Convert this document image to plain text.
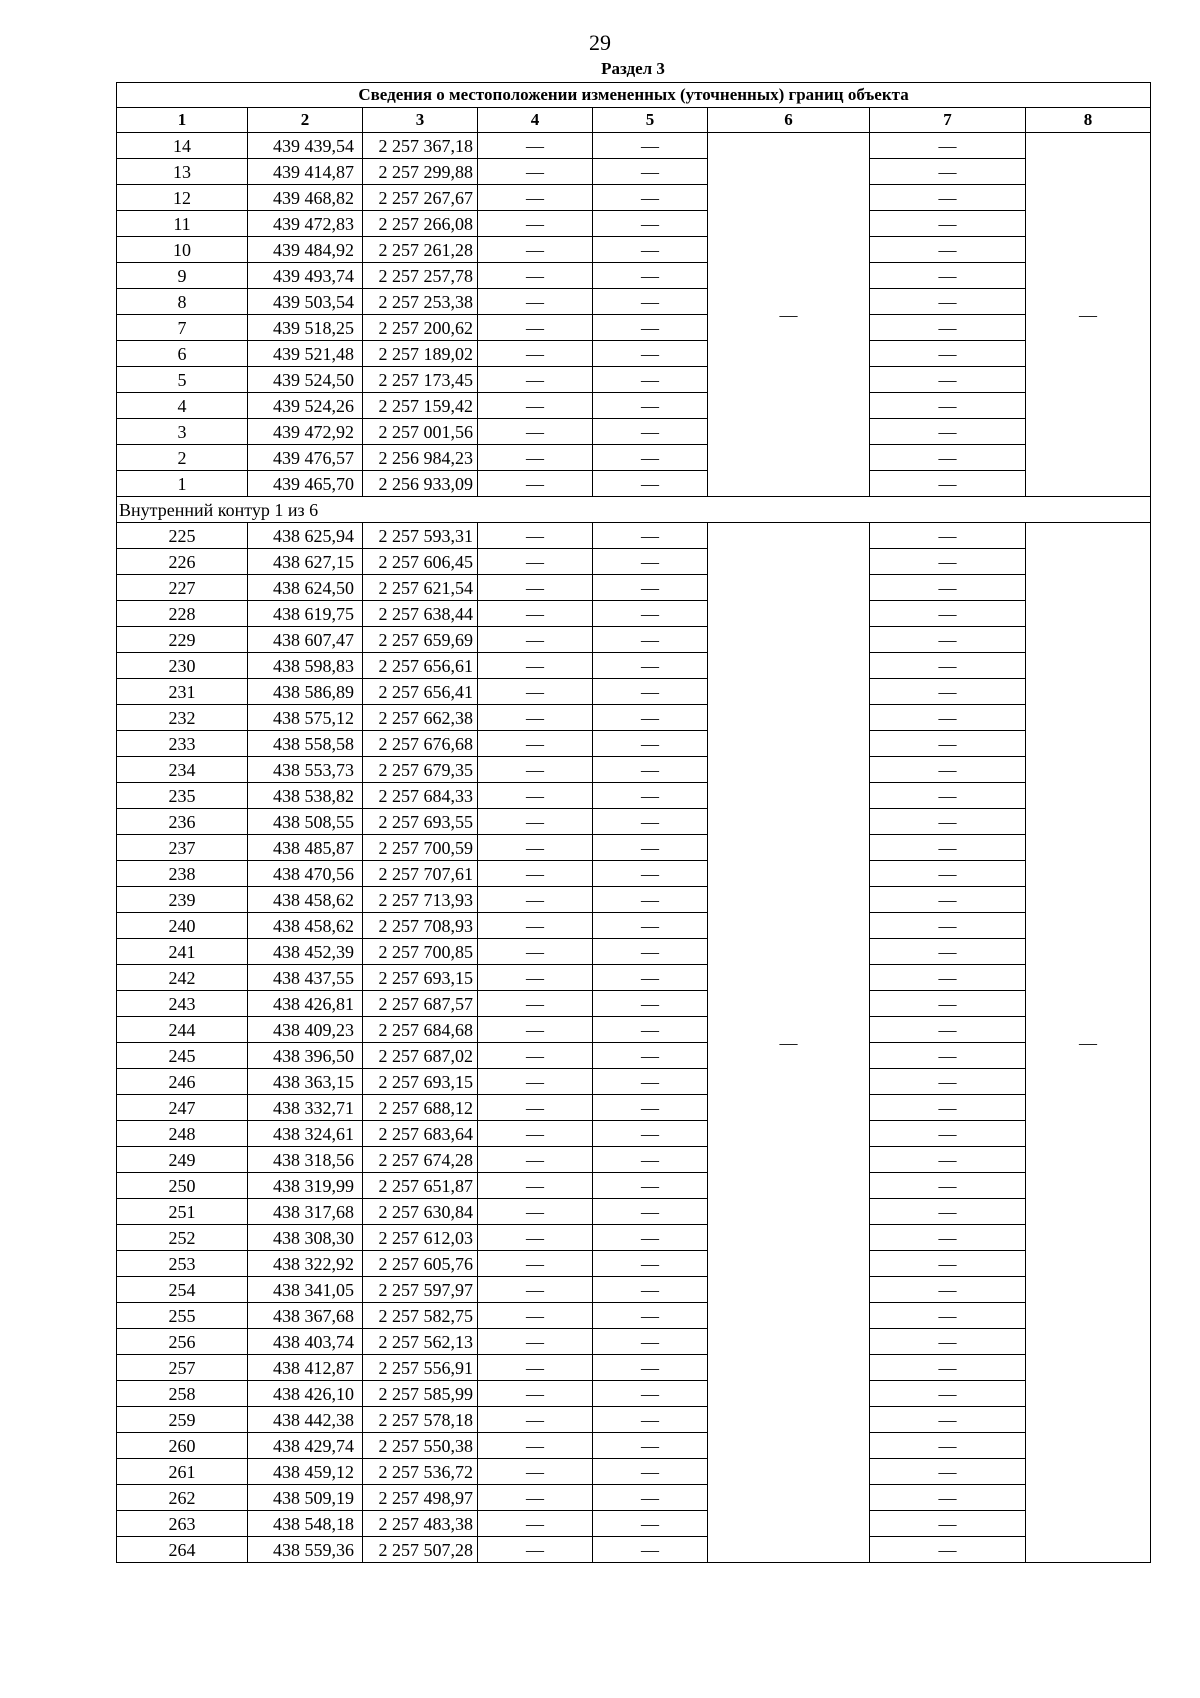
29
Раздел 3
Сведения о местоположении измененных (уточненных) границ объекта							
1	2	3	4	5	6	7	8
14	439 439,54	2 257 367,18	—	—	—	—	—
13	439 414,87	2 257 299,88	—	—		—	
12	439 468,82	2 257 267,67	—	—		—	
11	439 472,83	2 257 266,08	—	—		—	
10	439 484,92	2 257 261,28	—	—		—	
9	439 493,74	2 257 257,78	—	—		—	
8	439 503,54	2 257 253,38	—	—		—	
7	439 518,25	2 257 200,62	—	—		—	
6	439 521,48	2 257 189,02	—	—		—	
5	439 524,50	2 257 173,45	—	—		—	
4	439 524,26	2 257 159,42	—	—		—	
3	439 472,92	2 257 001,56	—	—		—	
2	439 476,57	2 256 984,23	—	—		—	
1	439 465,70	2 256 933,09	—	—		—	
Внутренний контур 1 из 6							
225	438 625,94	2 257 593,31	—	—	—	—	—
226	438 627,15	2 257 606,45	—	—		—	
227	438 624,50	2 257 621,54	—	—		—	
228	438 619,75	2 257 638,44	—	—		—	
229	438 607,47	2 257 659,69	—	—		—	
230	438 598,83	2 257 656,61	—	—		—	
231	438 586,89	2 257 656,41	—	—		—	
232	438 575,12	2 257 662,38	—	—		—	
233	438 558,58	2 257 676,68	—	—		—	
234	438 553,73	2 257 679,35	—	—		—	
235	438 538,82	2 257 684,33	—	—		—	
236	438 508,55	2 257 693,55	—	—		—	
237	438 485,87	2 257 700,59	—	—		—	
238	438 470,56	2 257 707,61	—	—		—	
239	438 458,62	2 257 713,93	—	—		—	
240	438 458,62	2 257 708,93	—	—		—	
241	438 452,39	2 257 700,85	—	—		—	
242	438 437,55	2 257 693,15	—	—		—	
243	438 426,81	2 257 687,57	—	—		—	
244	438 409,23	2 257 684,68	—	—		—	
245	438 396,50	2 257 687,02	—	—		—	
246	438 363,15	2 257 693,15	—	—		—	
247	438 332,71	2 257 688,12	—	—		—	
248	438 324,61	2 257 683,64	—	—		—	
249	438 318,56	2 257 674,28	—	—		—	
250	438 319,99	2 257 651,87	—	—		—	
251	438 317,68	2 257 630,84	—	—		—	
252	438 308,30	2 257 612,03	—	—		—	
253	438 322,92	2 257 605,76	—	—		—	
254	438 341,05	2 257 597,97	—	—		—	
255	438 367,68	2 257 582,75	—	—		—	
256	438 403,74	2 257 562,13	—	—		—	
257	438 412,87	2 257 556,91	—	—		—	
258	438 426,10	2 257 585,99	—	—		—	
259	438 442,38	2 257 578,18	—	—		—	
260	438 429,74	2 257 550,38	—	—		—	
261	438 459,12	2 257 536,72	—	—		—	
262	438 509,19	2 257 498,97	—	—		—	
263	438 548,18	2 257 483,38	—	—		—	
264	438 559,36	2 257 507,28	—	—		—	
